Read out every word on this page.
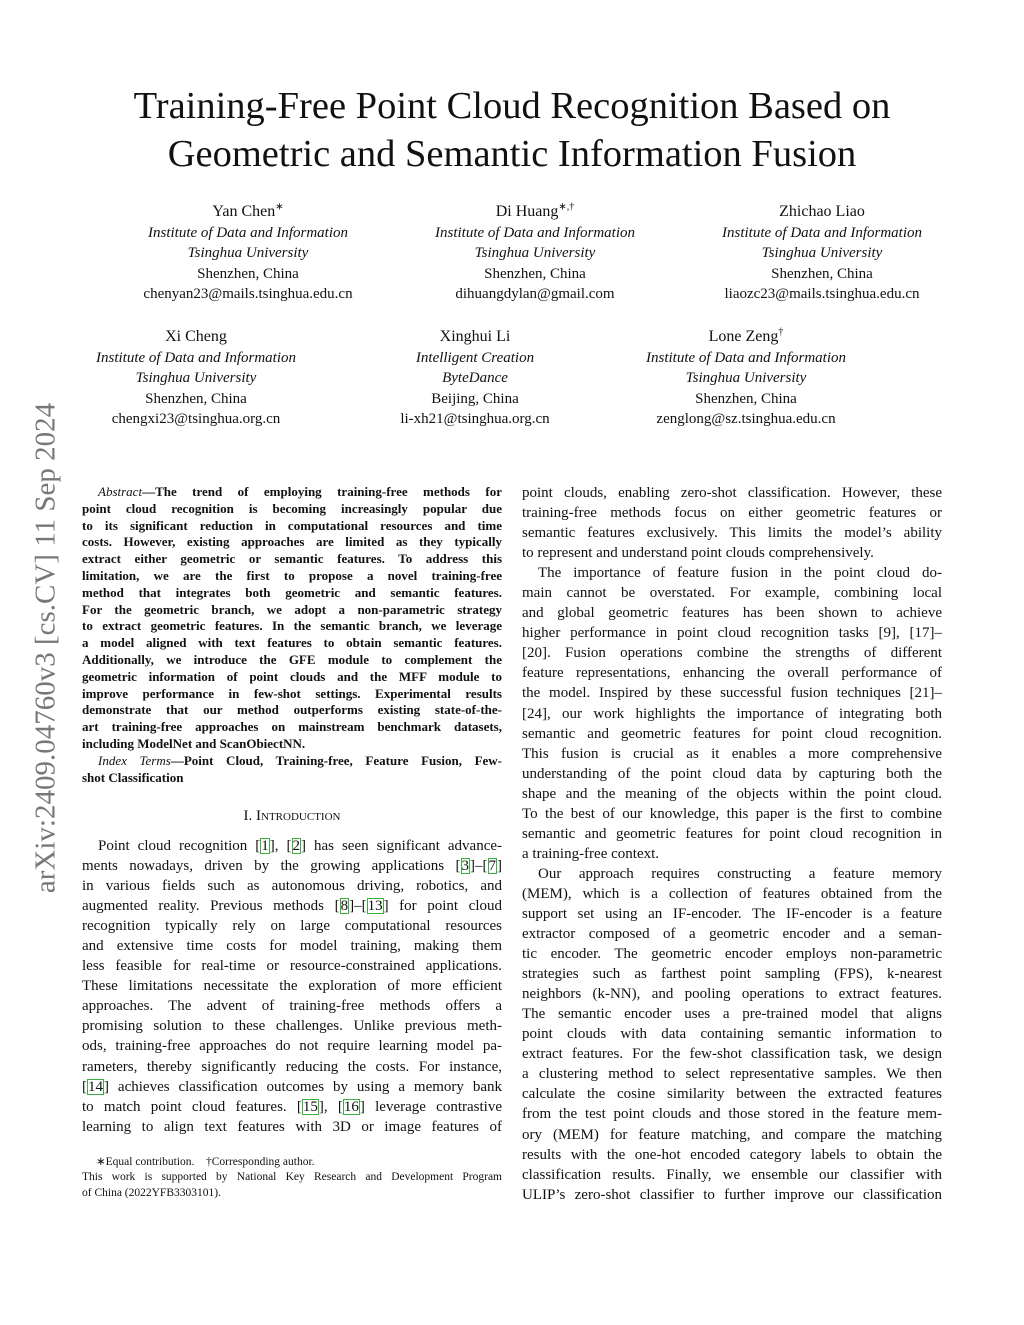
Training-Free Point Cloud Recognition Based on
Geometric and Semantic Information Fusion
arXiv:2409.04760v3 [cs.CV] 11 Sep 2024
Yan Chen∗
Institute of Data and Information
Tsinghua University
Shenzhen, China
chenyan23@mails.tsinghua.edu.cn
Di Huang∗,†
Institute of Data and Information
Tsinghua University
Shenzhen, China
dihuangdylan@gmail.com
Zhichao Liao
Institute of Data and Information
Tsinghua University
Shenzhen, China
liaozc23@mails.tsinghua.edu.cn
Xi Cheng
Institute of Data and Information
Tsinghua University
Shenzhen, China
chengxi23@tsinghua.org.cn
Xinghui Li
Intelligent Creation
ByteDance
Beijing, China
li-xh21@tsinghua.org.cn
Lone Zeng†
Institute of Data and Information
Tsinghua University
Shenzhen, China
zenglong@sz.tsinghua.edu.cn
Abstract—The trend of employing training-free methods for
point cloud recognition is becoming increasingly popular due
to its significant reduction in computational resources and time
costs. However, existing approaches are limited as they typically
extract either geometric or semantic features. To address this
limitation, we are the first to propose a novel training-free
method that integrates both geometric and semantic features.
For the geometric branch, we adopt a non-parametric strategy
to extract geometric features. In the semantic branch, we leverage
a model aligned with text features to obtain semantic features.
Additionally, we introduce the GFE module to complement the
geometric information of point clouds and the MFF module to
improve performance in few-shot settings. Experimental results
demonstrate that our method outperforms existing state-of-the-
art training-free approaches on mainstream benchmark datasets,
including ModelNet and ScanObiectNN.
Index Terms—Point Cloud, Training-free, Feature Fusion, Few-
shot Classification
I. Introduction
Point cloud recognition [1], [2] has seen significant advance-
ments nowadays, driven by the growing applications [3]–[7]
in various fields such as autonomous driving, robotics, and
augmented reality. Previous methods [8]–[13] for point cloud
recognition typically rely on large computational resources
and extensive time costs for model training, making them
less feasible for real-time or resource-constrained applications.
These limitations necessitate the exploration of more efficient
approaches. The advent of training-free methods offers a
promising solution to these challenges. Unlike previous meth-
ods, training-free approaches do not require learning model pa-
rameters, thereby significantly reducing the costs. For instance,
[14] achieves classification outcomes by using a memory bank
to match point cloud features. [15], [16] leverage contrastive
learning to align text features with 3D or image features of
∗Equal contribution. †Corresponding author.
This work is supported by National Key Research and Development Program
of China (2022YFB3303101).
point clouds, enabling zero-shot classification. However, these
training-free methods focus on either geometric features or
semantic features exclusively. This limits the model’s ability
to represent and understand point clouds comprehensively.
The importance of feature fusion in the point cloud do-
main cannot be overstated. For example, combining local
and global geometric features has been shown to achieve
higher performance in point cloud recognition tasks [9], [17]–
[20]. Fusion operations combine the strengths of different
feature representations, enhancing the overall performance of
the model. Inspired by these successful fusion techniques [21]–
[24], our work highlights the importance of integrating both
semantic and geometric features for point cloud recognition.
This fusion is crucial as it enables a more comprehensive
understanding of the point cloud data by capturing both the
shape and the meaning of the objects within the point cloud.
To the best of our knowledge, this paper is the first to combine
semantic and geometric features for point cloud recognition in
a training-free context.
Our approach requires constructing a feature memory
(MEM), which is a collection of features obtained from the
support set using an IF-encoder. The IF-encoder is a feature
extractor composed of a geometric encoder and a seman-
tic encoder. The geometric encoder employs non-parametric
strategies such as farthest point sampling (FPS), k-nearest
neighbors (k-NN), and pooling operations to extract features.
The semantic encoder uses a pre-trained model that aligns
point clouds with data containing semantic information to
extract features. For the few-shot classification task, we design
a clustering method to select representative samples. We then
calculate the cosine similarity between the extracted features
from the test point clouds and those stored in the feature mem-
ory (MEM) for feature matching, and compare the matching
results with the one-hot encoded category labels to obtain the
classification results. Finally, we ensemble our classifier with
ULIP’s zero-shot classifier to further improve our classification
